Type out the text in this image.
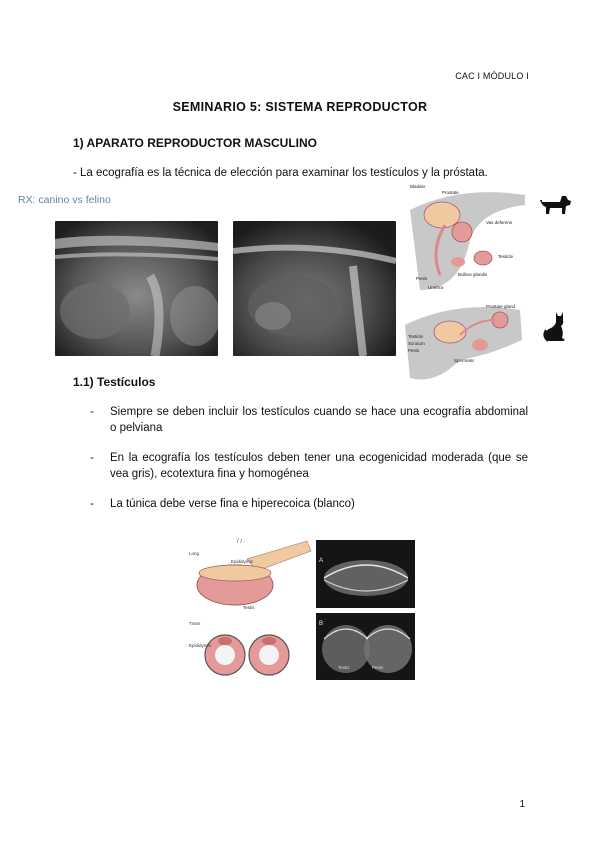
CAC I MÓDULO I
SEMINARIO 5: SISTEMA REPRODUCTOR
1) APARATO REPRODUCTOR MASCULINO
- La ecografía es la técnica de elección para examinar los testículos y la próstata.
RX: canino vs felino
Bladder
Prostate
Vas deferens
Testicle
Bulbus glandis
Penis
Urethra
Prostate gland
Testicle
Scrotum
Penis
Spermatic
1.1) Testículos
-	Siempre se deben incluir los testículos cuando se hace una ecografía abdominal o pelviana
-	En la ecografía los testículos deben tener una ecogenicidad moderada (que se vea gris), ecotextura fina y homogénea
-	La túnica debe verse fina e hiperecoica (blanco)
/ / ·
Long
Epididymis
Testis
Trans
Epididymis
A
B
Testis	Penis
1
